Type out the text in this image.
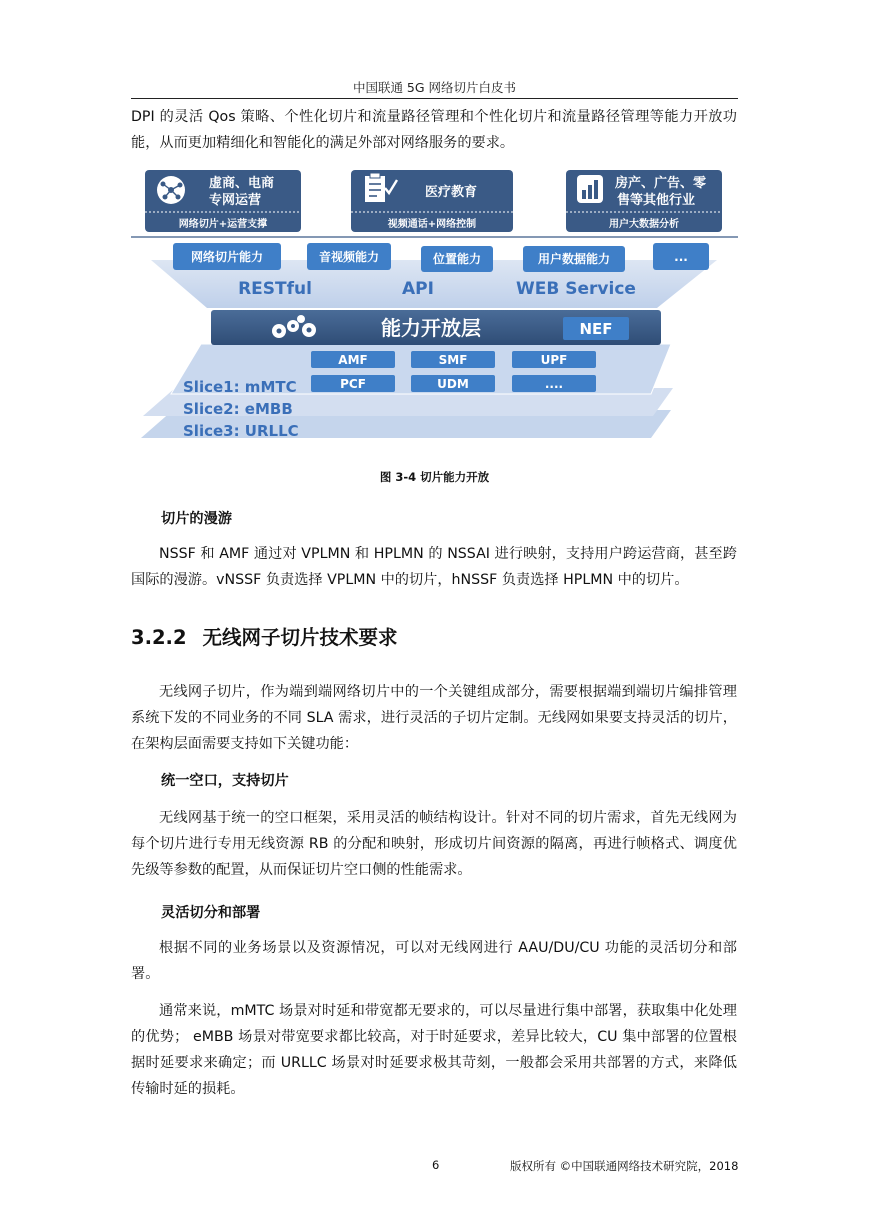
中国联通 5G 网络切片白皮书
DPI 的灵活 Qos 策略、个性化切片和流量路径管理和个性化切片和流量路径管理等能力开放功能，从而更加精细化和智能化的满足外部对网络服务的要求。
虚商、电商
专网运营
网络切片+运营支撑
医疗教育
视频通话+网络控制
房产、广告、零
售等其他行业
用户大数据分析
网络切片能力	音视频能力	位置能力	用户数据能力	...
RESTful	API	WEB Service
能力开放层	NEF
AMF	SMF	UPF
PCF	UDM	....
Slice1: mMTC
Slice2: eMBB
Slice3: URLLC
图 3-4 切片能力开放
切片的漫游
NSSF 和 AMF 通过对 VPLMN 和 HPLMN 的 NSSAI 进行映射，支持用户跨运营商，甚至跨国际的漫游。vNSSF 负责选择 VPLMN 中的切片，hNSSF 负责选择 HPLMN 中的切片。
3.2.2 无线网子切片技术要求
无线网子切片，作为端到端网络切片中的一个关键组成部分，需要根据端到端切片编排管理系统下发的不同业务的不同 SLA 需求，进行灵活的子切片定制。无线网如果要支持灵活的切片，在架构层面需要支持如下关键功能：
统一空口，支持切片
无线网基于统一的空口框架，采用灵活的帧结构设计。针对不同的切片需求，首先无线网为每个切片进行专用无线资源 RB 的分配和映射，形成切片间资源的隔离，再进行帧格式、调度优先级等参数的配置，从而保证切片空口侧的性能需求。
灵活切分和部署
根据不同的业务场景以及资源情况，可以对无线网进行 AAU/DU/CU 功能的灵活切分和部署。
通常来说，mMTC 场景对时延和带宽都无要求的，可以尽量进行集中部署，获取集中化处理的优势； eMBB 场景对带宽要求都比较高，对于时延要求，差异比较大，CU 集中部署的位置根据时延要求来确定；而 URLLC 场景对时延要求极其苛刻，一般都会采用共部署的方式，来降低传输时延的损耗。
6	版权所有 ©中国联通网络技术研究院，2018
